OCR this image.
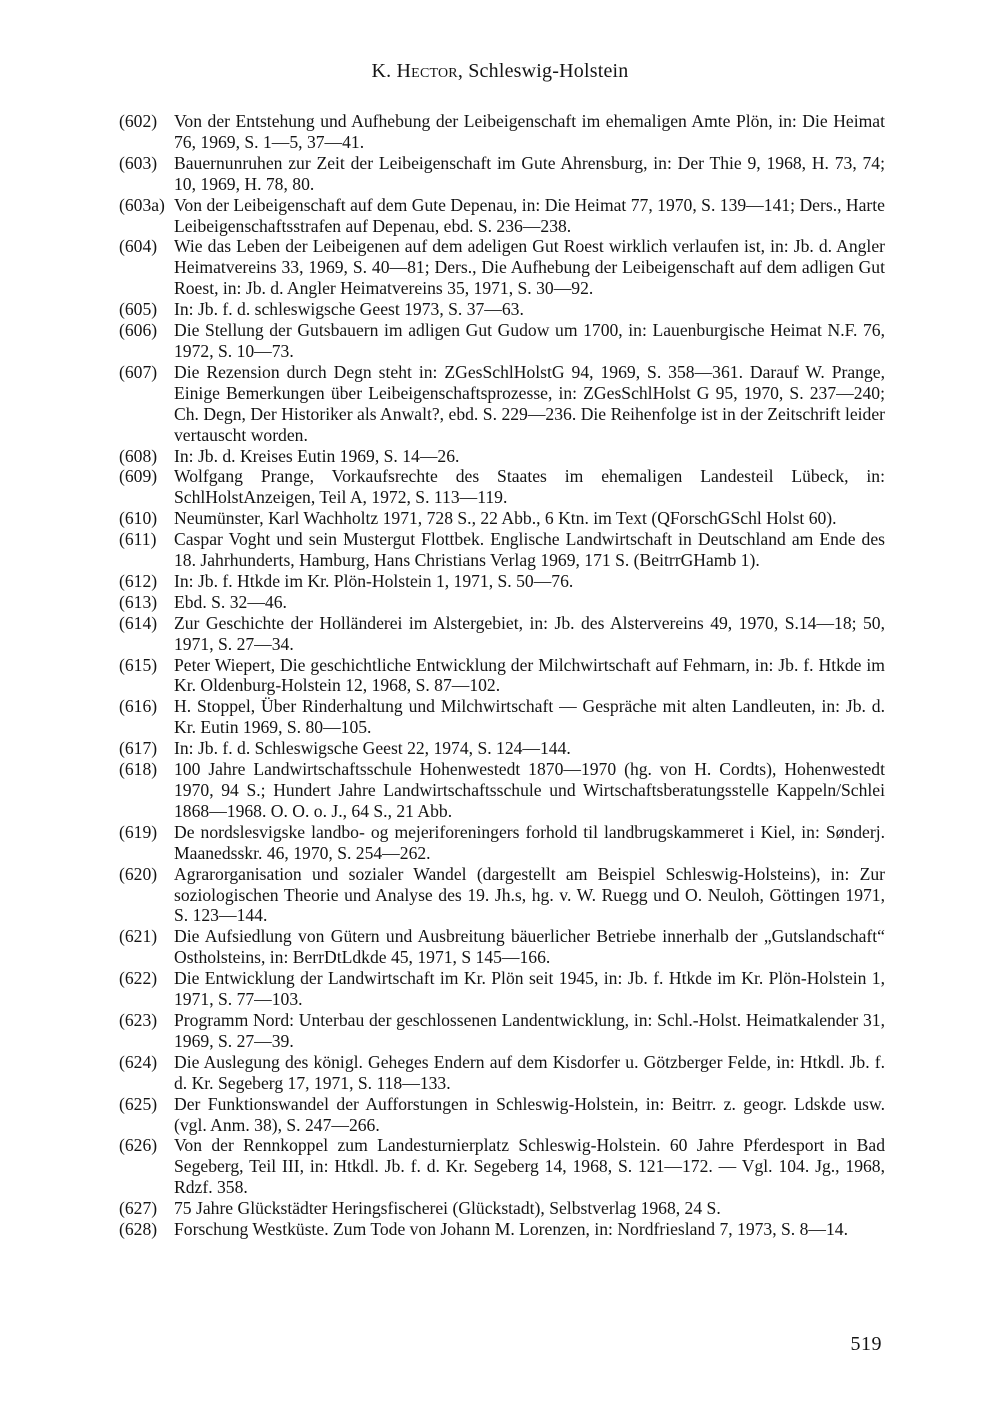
K. Hector, Schleswig-Holstein
(602) Von der Entstehung und Aufhebung der Leibeigenschaft im ehemaligen Amte Plön, in: Die Heimat 76, 1969, S. 1—5, 37—41.
(603) Bauernunruhen zur Zeit der Leibeigenschaft im Gute Ahrensburg, in: Der Thie 9, 1968, H. 73, 74; 10, 1969, H. 78, 80.
(603a) Von der Leibeigenschaft auf dem Gute Depenau, in: Die Heimat 77, 1970, S. 139—141; Ders., Harte Leibeigenschaftsstrafen auf Depenau, ebd. S. 236—238.
(604) Wie das Leben der Leibeigenen auf dem adeligen Gut Roest wirklich verlaufen ist, in: Jb. d. Angler Heimatvereins 33, 1969, S. 40—81; Ders., Die Aufhebung der Leibeigenschaft auf dem adligen Gut Roest, in: Jb. d. Angler Heimatvereins 35, 1971, S. 30—92.
(605) In: Jb. f. d. schleswigsche Geest 1973, S. 37—63.
(606) Die Stellung der Gutsbauern im adligen Gut Gudow um 1700, in: Lauenburgische Heimat N.F. 76, 1972, S. 10—73.
(607) Die Rezension durch Degn steht in: ZGesSchlHolstG 94, 1969, S. 358—361. Darauf W. Prange, Einige Bemerkungen über Leibeigenschaftsprozesse, in: ZGesSchlHolst G 95, 1970, S. 237—240; Ch. Degn, Der Historiker als Anwalt?, ebd. S. 229—236. Die Reihenfolge ist in der Zeitschrift leider vertauscht worden.
(608) In: Jb. d. Kreises Eutin 1969, S. 14—26.
(609) Wolfgang Prange, Vorkaufsrechte des Staates im ehemaligen Landesteil Lübeck, in: SchlHolstAnzeigen, Teil A, 1972, S. 113—119.
(610) Neumünster, Karl Wachholtz 1971, 728 S., 22 Abb., 6 Ktn. im Text (QForschGSchl Holst 60).
(611) Caspar Voght und sein Mustergut Flottbek. Englische Landwirtschaft in Deutschland am Ende des 18. Jahrhunderts, Hamburg, Hans Christians Verlag 1969, 171 S. (BeitrrGHamb 1).
(612) In: Jb. f. Htkde im Kr. Plön-Holstein 1, 1971, S. 50—76.
(613) Ebd. S. 32—46.
(614) Zur Geschichte der Holländerei im Alstergebiet, in: Jb. des Alstervereins 49, 1970, S.14—18; 50, 1971, S. 27—34.
(615) Peter Wiepert, Die geschichtliche Entwicklung der Milchwirtschaft auf Fehmarn, in: Jb. f. Htkde im Kr. Oldenburg-Holstein 12, 1968, S. 87—102.
(616) H. Stoppel, Über Rinderhaltung und Milchwirtschaft — Gespräche mit alten Landleuten, in: Jb. d. Kr. Eutin 1969, S. 80—105.
(617) In: Jb. f. d. Schleswigsche Geest 22, 1974, S. 124—144.
(618) 100 Jahre Landwirtschaftsschule Hohenwestedt 1870—1970 (hg. von H. Cordts), Hohenwestedt 1970, 94 S.; Hundert Jahre Landwirtschaftsschule und Wirtschaftsberatungsstelle Kappeln/Schlei 1868—1968. O. O. o. J., 64 S., 21 Abb.
(619) De nordslesvigske landbo- og mejeriforeningers forhold til landbrugskammeret i Kiel, in: Sønderj. Maanedsskr. 46, 1970, S. 254—262.
(620) Agrarorganisation und sozialer Wandel (dargestellt am Beispiel Schleswig-Holsteins), in: Zur soziologischen Theorie und Analyse des 19. Jh.s, hg. v. W. Ruegg und O. Neuloh, Göttingen 1971, S. 123—144.
(621) Die Aufsiedlung von Gütern und Ausbreitung bäuerlicher Betriebe innerhalb der „Gutslandschaft“ Ostholsteins, in: BerrDtLdkde 45, 1971, S 145—166.
(622) Die Entwicklung der Landwirtschaft im Kr. Plön seit 1945, in: Jb. f. Htkde im Kr. Plön-Holstein 1, 1971, S. 77—103.
(623) Programm Nord: Unterbau der geschlossenen Landentwicklung, in: Schl.-Holst. Heimatkalender 31, 1969, S. 27—39.
(624) Die Auslegung des königl. Geheges Endern auf dem Kisdorfer u. Götzberger Felde, in: Htkdl. Jb. f. d. Kr. Segeberg 17, 1971, S. 118—133.
(625) Der Funktionswandel der Aufforstungen in Schleswig-Holstein, in: Beitrr. z. geogr. Ldskde usw. (vgl. Anm. 38), S. 247—266.
(626) Von der Rennkoppel zum Landesturnierplatz Schleswig-Holstein. 60 Jahre Pferdesport in Bad Segeberg, Teil III, in: Htkdl. Jb. f. d. Kr. Segeberg 14, 1968, S. 121—172. — Vgl. 104. Jg., 1968, Rdzf. 358.
(627) 75 Jahre Glückstädter Heringsfischerei (Glückstadt), Selbstverlag 1968, 24 S.
(628) Forschung Westküste. Zum Tode von Johann M. Lorenzen, in: Nordfriesland 7, 1973, S. 8—14.
519
